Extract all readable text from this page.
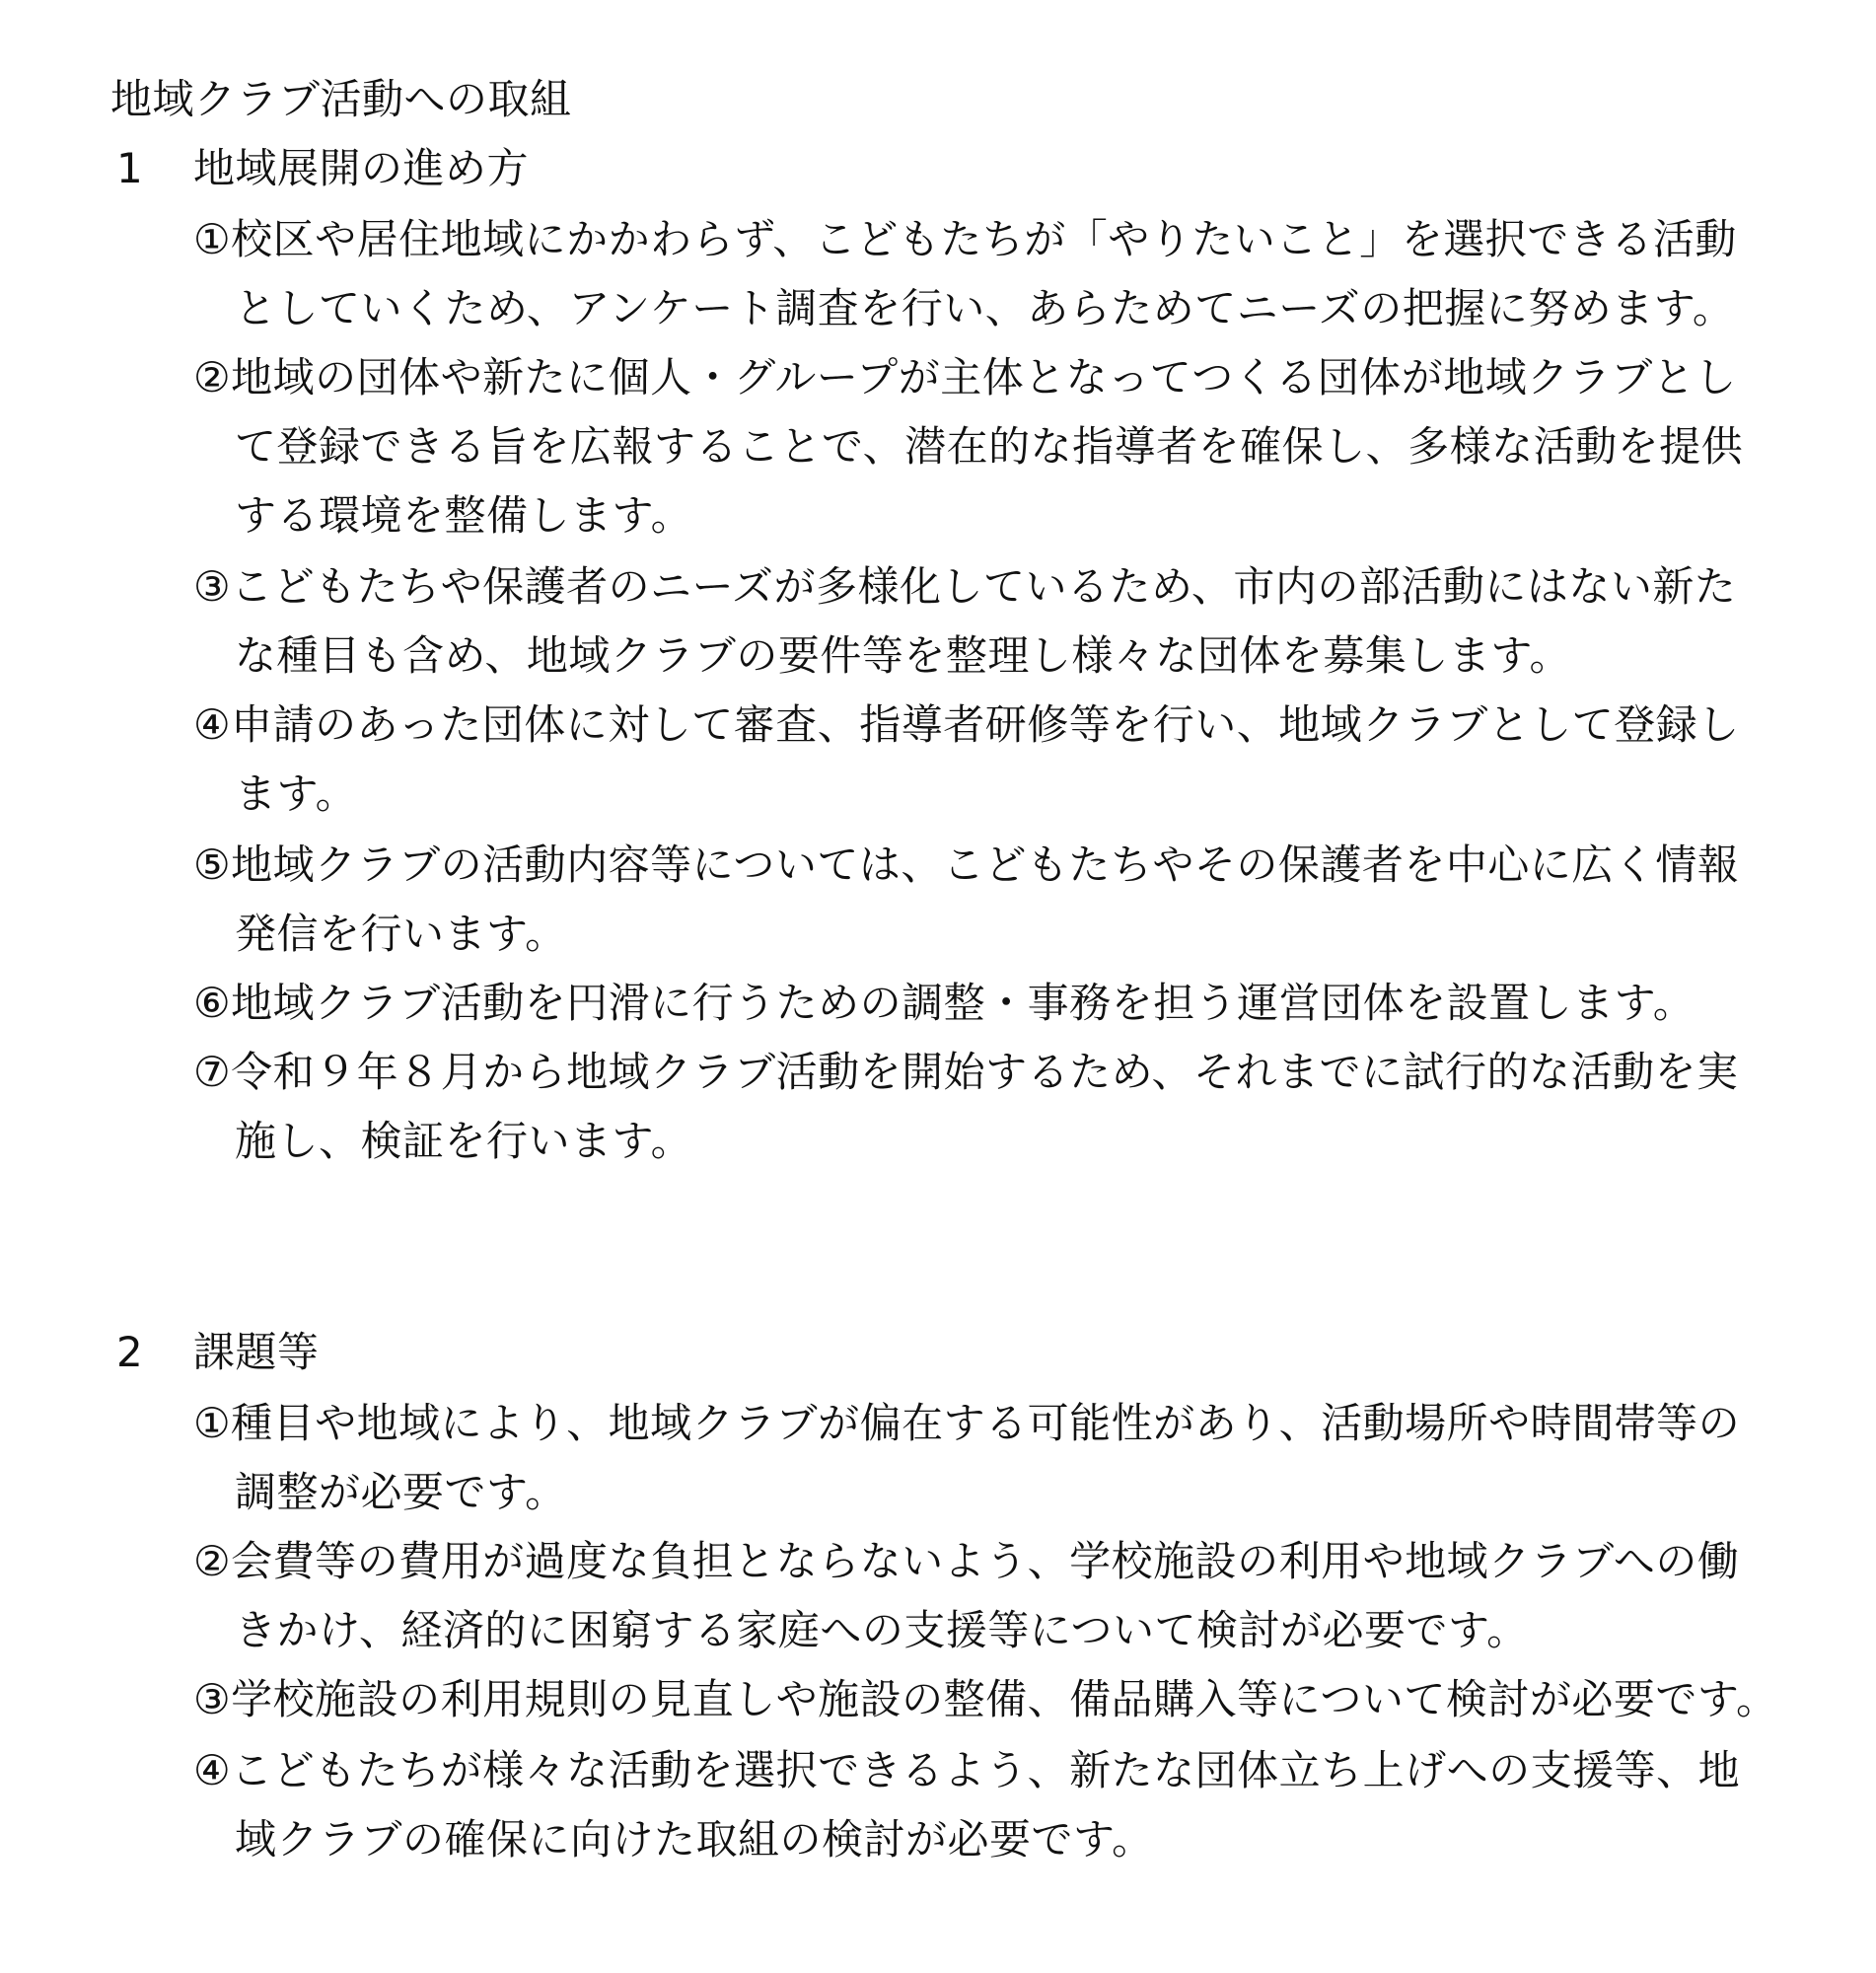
地域クラブ活動への取組
1 地域展開の進め方
①校区や居住地域にかかわらず、こどもたちが「やりたいこと」を選択できる活動
としていくため、アンケート調査を行い、あらためてニーズの把握に努めます。
②地域の団体や新たに個人・グループが主体となってつくる団体が地域クラブとし
て登録できる旨を広報することで、潜在的な指導者を確保し、多様な活動を提供
する環境を整備します。
③こどもたちや保護者のニーズが多様化しているため、市内の部活動にはない新た
な種目も含め、地域クラブの要件等を整理し様々な団体を募集します。
④申請のあった団体に対して審査、指導者研修等を行い、地域クラブとして登録し
ます。
⑤地域クラブの活動内容等については、こどもたちやその保護者を中心に広く情報
発信を行います。
⑥地域クラブ活動を円滑に行うための調整・事務を担う運営団体を設置します。
⑦令和９年８月から地域クラブ活動を開始するため、それまでに試行的な活動を実
施し、検証を行います。
2 課題等
①種目や地域により、地域クラブが偏在する可能性があり、活動場所や時間帯等の
調整が必要です。
②会費等の費用が過度な負担とならないよう、学校施設の利用や地域クラブへの働
きかけ、経済的に困窮する家庭への支援等について検討が必要です。
③学校施設の利用規則の見直しや施設の整備、備品購入等について検討が必要です。
④こどもたちが様々な活動を選択できるよう、新たな団体立ち上げへの支援等、地
域クラブの確保に向けた取組の検討が必要です。
